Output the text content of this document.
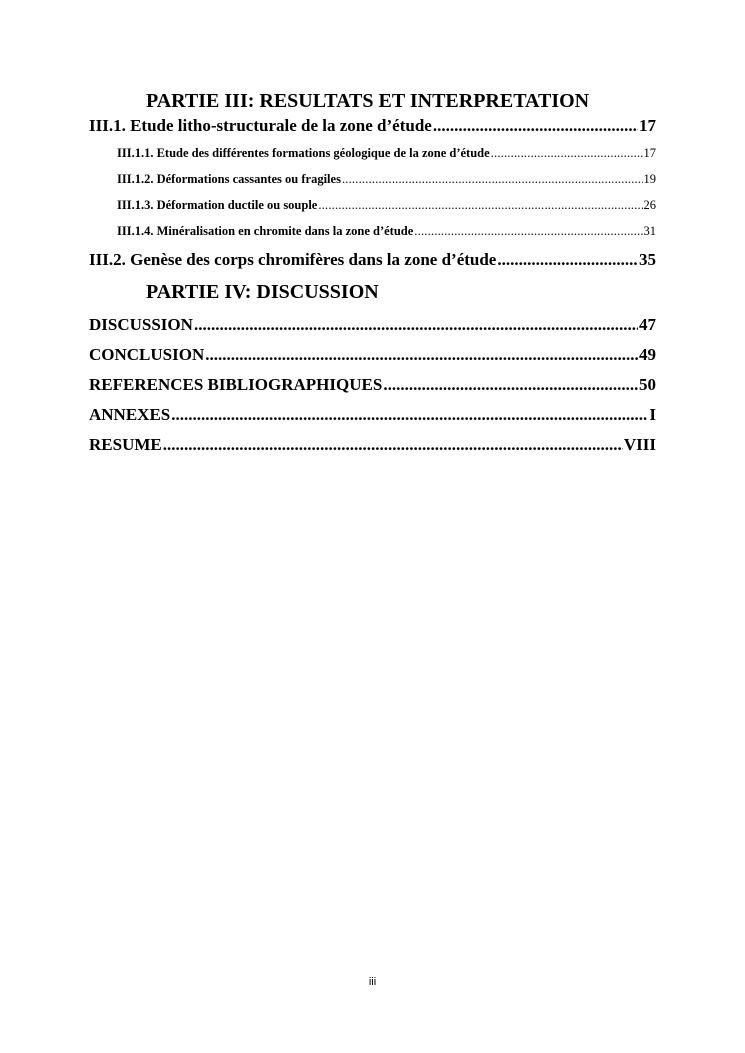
PARTIE III: RESULTATS ET INTERPRETATION
III.1. Etude litho-structurale de la zone d’étude .....	17
III.1.1. Etude des différentes formations géologique de la zone d’étude .....	17
III.1.2. Déformations cassantes ou fragiles .....	19
III.1.3. Déformation ductile ou souple .....	26
III.1.4. Minéralisation en chromite dans la zone d’étude .....	31
III.2. Genèse des corps chromifères dans la zone d’étude .....	35
PARTIE IV: DISCUSSION
DISCUSSION .....	47
CONCLUSION .....	49
REFERENCES BIBLIOGRAPHIQUES .....	50
ANNEXES .....	I
RESUME .....	VIII
iii
